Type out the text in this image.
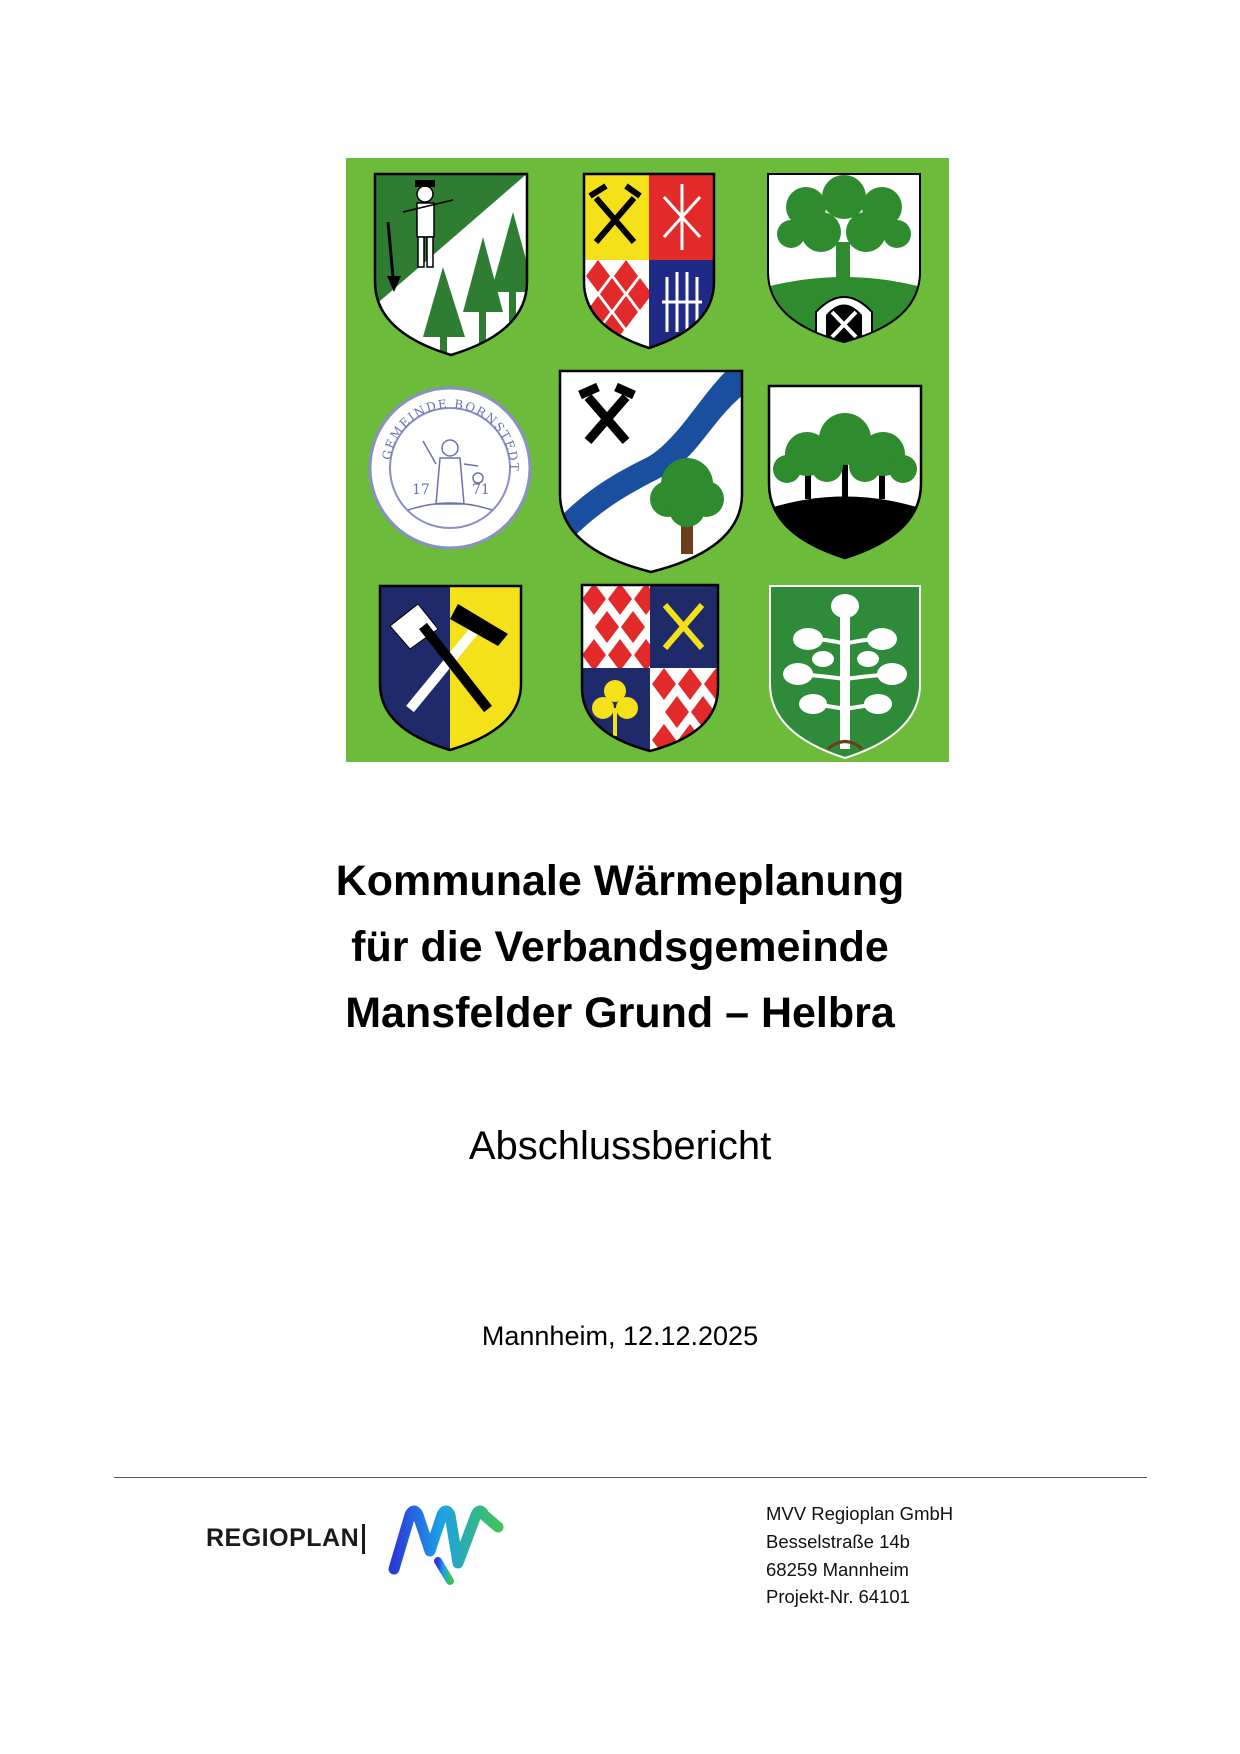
GEMEINDE BORNSTEDT
17	71
Kommunale Wärmeplanung
für die Verbandsgemeinde
Mansfelder Grund – Helbra
Abschlussbericht
Mannheim, 12.12.2025
REGIOPLAN
MVV Regioplan GmbH
Besselstraße 14b
68259 Mannheim
Projekt-Nr. 64101
